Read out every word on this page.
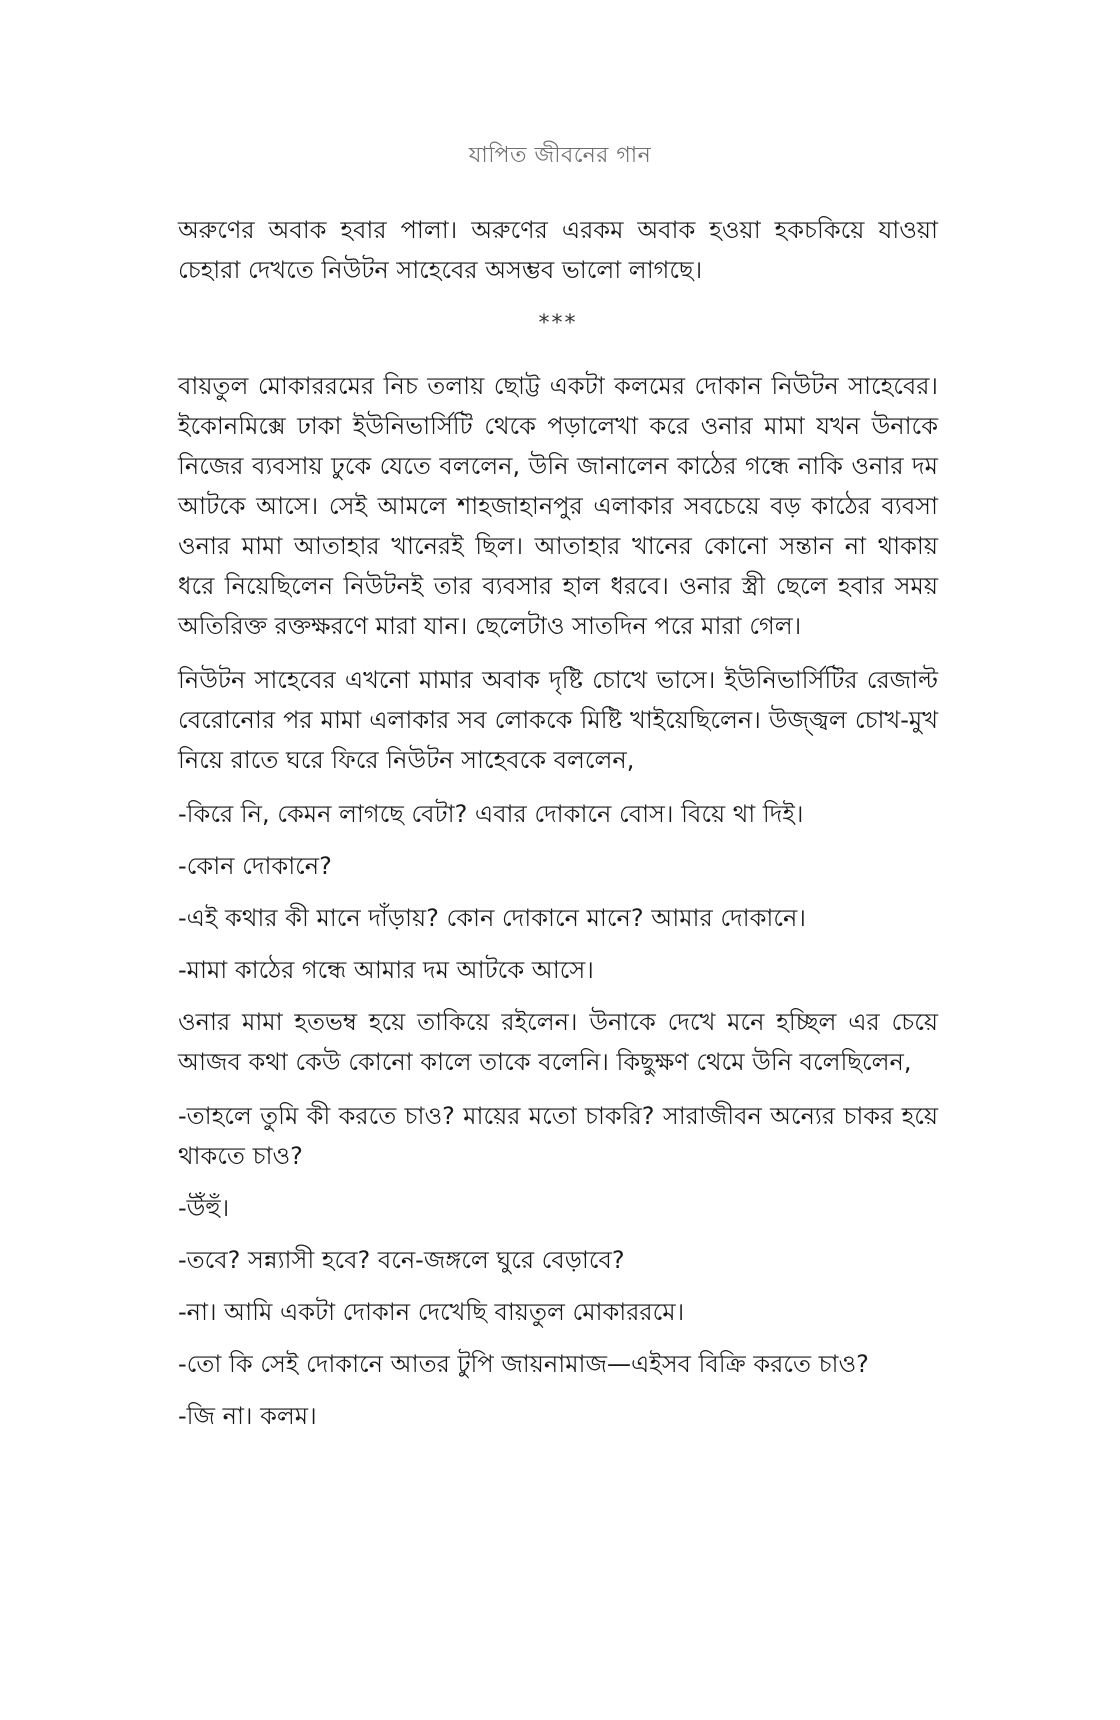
যাপিত জীবনের গান

অরুণের অবাক হবার পালা। অরুণের এরকম অবাক হওয়া হকচকিয়ে যাওয়া চেহারা দেখতে নিউটন সাহেবের অসম্ভব ভালো লাগছে।

***

বায়তুল মোকাররমের নিচ তলায় ছোট্ট একটা কলমের দোকান নিউটন সাহেবের। ইকোনমিক্সে ঢাকা ইউনিভার্সিটি থেকে পড়ালেখা করে ওনার মামা যখন উনাকে নিজের ব্যবসায় ঢুকে যেতে বললেন, উনি জানালেন কাঠের গন্ধে নাকি ওনার দম আটকে আসে। সেই আমলে শাহজাহানপুর এলাকার সবচেয়ে বড় কাঠের ব্যবসা ওনার মামা আতাহার খানেরই ছিল। আতাহার খানের কোনো সন্তান না থাকায় ধরে নিয়েছিলেন নিউটনই তার ব্যবসার হাল ধরবে। ওনার স্ত্রী ছেলে হবার সময় অতিরিক্ত রক্তক্ষরণে মারা যান। ছেলেটাও সাতদিন পরে মারা গেল।

নিউটন সাহেবের এখনো মামার অবাক দৃষ্টি চোখে ভাসে। ইউনিভার্সিটির রেজাল্ট বেরোনোর পর মামা এলাকার সব লোককে মিষ্টি খাইয়েছিলেন। উজ্জ্বল চোখ-মুখ নিয়ে রাতে ঘরে ফিরে নিউটন সাহেবকে বললেন,

-কিরে নি, কেমন লাগছে বেটা? এবার দোকানে বোস। বিয়ে থা দিই।

-কোন দোকানে?

-এই কথার কী মানে দাঁড়ায়? কোন দোকানে মানে? আমার দোকানে।

-মামা কাঠের গন্ধে আমার দম আটকে আসে।

ওনার মামা হতভম্ব হয়ে তাকিয়ে রইলেন। উনাকে দেখে মনে হচ্ছিল এর চেয়ে আজব কথা কেউ কোনো কালে তাকে বলেনি। কিছুক্ষণ থেমে উনি বলেছিলেন,

-তাহলে তুমি কী করতে চাও? মায়ের মতো চাকরি? সারাজীবন অন্যের চাকর হয়ে থাকতে চাও?

-উঁহুঁ।

-তবে? সন্ন্যাসী হবে? বনে-জঙ্গলে ঘুরে বেড়াবে?

-না। আমি একটা দোকান দেখেছি বায়তুল মোকাররমে।

-তো কি সেই দোকানে আতর টুপি জায়নামাজ—এইসব বিক্রি করতে চাও?

-জি না। কলম।
